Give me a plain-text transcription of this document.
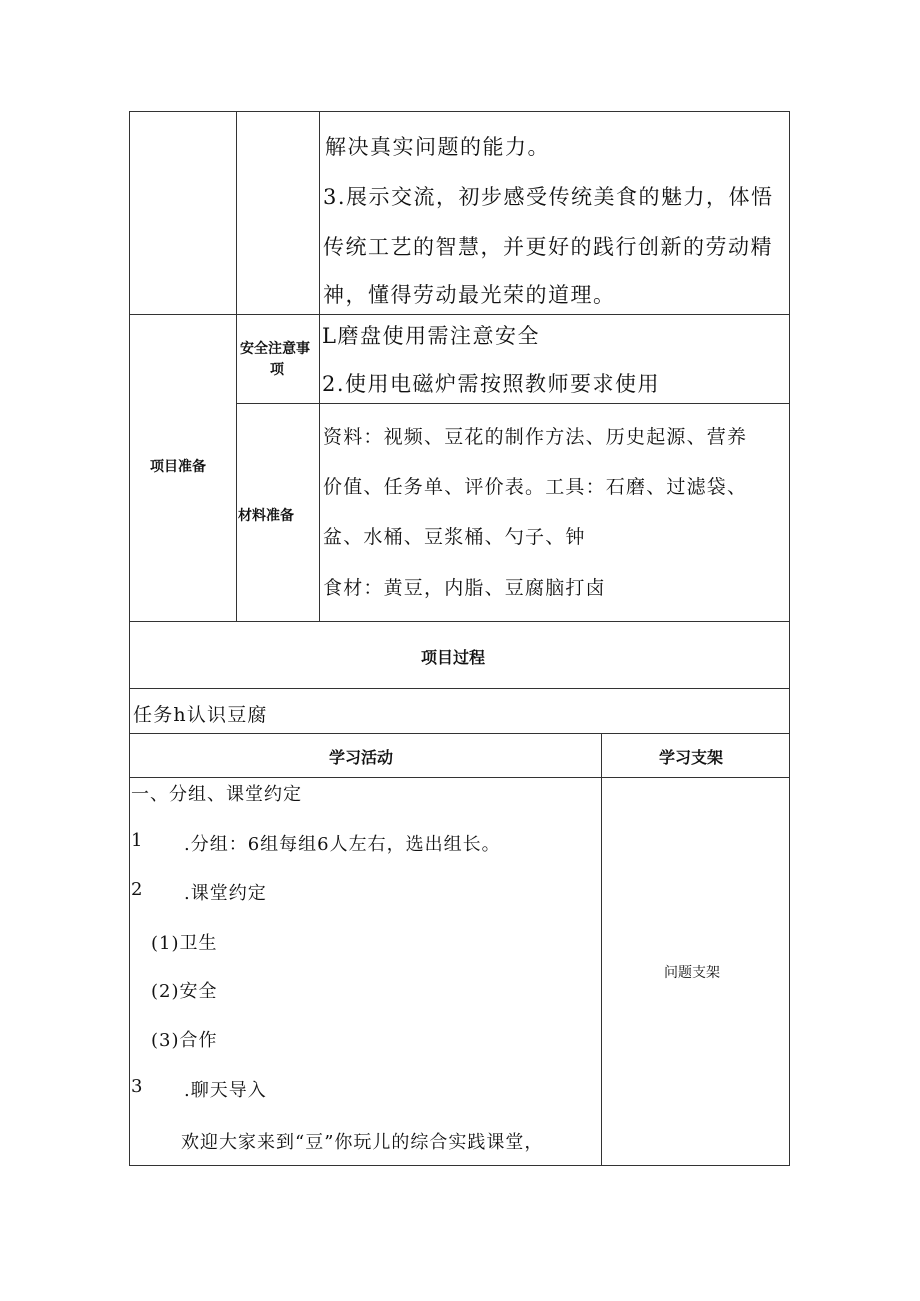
解决真实问题的能力。
3.展示交流，初步感受传统美食的魅力，体悟
传统工艺的智慧，并更好的践行创新的劳动精
神，懂得劳动最光荣的道理。
项目准备
安全注意事
项
L磨盘使用需注意安全
2.使用电磁炉需按照教师要求使用
材料准备
资料：视频、豆花的制作方法、历史起源、营养
价值、任务单、评价表。工具：石磨、过滤袋、
盆、水桶、豆浆桶、勺子、钟
食材：黄豆，内脂、豆腐脑打卤
项目过程
任务h认识豆腐
学习活动	学习支架
问题支架
一、分组、课堂约定
1 .分组：6组每组6人左右，选出组长。
2 .课堂约定
(1)卫生
(2)安全
(3)合作
3 .聊天导入
欢迎大家来到“豆”你玩儿的综合实践课堂，
